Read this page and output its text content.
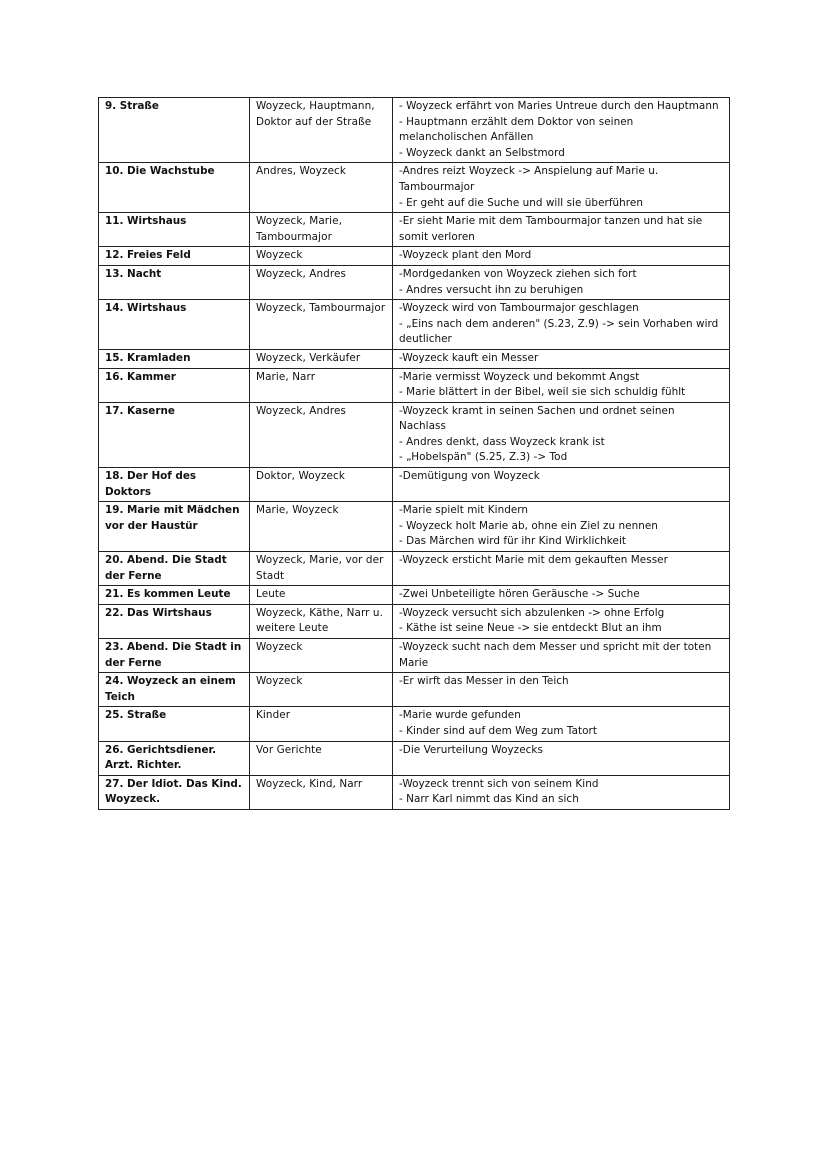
9. Straße	Woyzeck, Hauptmann, Doktor auf der Straße	- Woyzeck erfährt von Maries Untreue durch den Hauptmann
- Hauptmann erzählt dem Doktor von seinen melancholischen Anfällen
- Woyzeck dankt an Selbstmord

10. Die Wachstube	Andres, Woyzeck	-Andres reizt Woyzeck -> Anspielung auf Marie u. Tambourmajor
- Er geht auf die Suche und will sie überführen

11. Wirtshaus	Woyzeck, Marie, Tambourmajor	-Er sieht Marie mit dem Tambourmajor tanzen und hat sie somit verloren

12. Freies Feld	Woyzeck	-Woyzeck plant den Mord

13. Nacht	Woyzeck, Andres	-Mordgedanken von Woyzeck ziehen sich fort
- Andres versucht ihn zu beruhigen

14. Wirtshaus	Woyzeck, Tambourmajor	-Woyzeck wird von Tambourmajor geschlagen
- „Eins nach dem anderen" (S.23, Z.9) -> sein Vorhaben wird deutlicher

15. Kramladen	Woyzeck, Verkäufer	-Woyzeck kauft ein Messer

16. Kammer	Marie, Narr	-Marie vermisst Woyzeck und bekommt Angst
- Marie blättert in der Bibel, weil sie sich schuldig fühlt

17. Kaserne	Woyzeck, Andres	-Woyzeck kramt in seinen Sachen und ordnet seinen Nachlass
- Andres denkt, dass Woyzeck krank ist
- „Hobelspän" (S.25, Z.3) -> Tod

18. Der Hof des Doktors	Doktor, Woyzeck	-Demütigung von Woyzeck

19. Marie mit Mädchen vor der Haustür	Marie, Woyzeck	-Marie spielt mit Kindern
- Woyzeck holt Marie ab, ohne ein Ziel zu nennen
- Das Märchen wird für ihr Kind Wirklichkeit

20. Abend. Die Stadt der Ferne	Woyzeck, Marie, vor der Stadt	-Woyzeck ersticht Marie mit dem gekauften Messer

21. Es kommen Leute	Leute	-Zwei Unbeteiligte hören Geräusche -> Suche

22. Das Wirtshaus	Woyzeck, Käthe, Narr u. weitere Leute	-Woyzeck versucht sich abzulenken -> ohne Erfolg
- Käthe ist seine Neue -> sie entdeckt Blut an ihm

23. Abend. Die Stadt in der Ferne	Woyzeck	-Woyzeck sucht nach dem Messer und spricht mit der toten Marie

24. Woyzeck an einem Teich	Woyzeck	-Er wirft das Messer in den Teich

25. Straße	Kinder	-Marie wurde gefunden
- Kinder sind auf dem Weg zum Tatort

26. Gerichtsdiener. Arzt. Richter.	Vor Gerichte	-Die Verurteilung Woyzecks

27. Der Idiot. Das Kind. Woyzeck.	Woyzeck, Kind, Narr	-Woyzeck trennt sich von seinem Kind
- Narr Karl nimmt das Kind an sich
